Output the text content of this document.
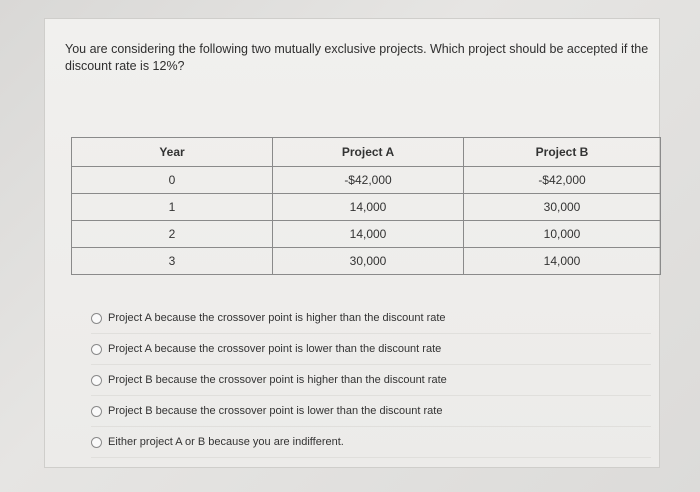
You are considering the following two mutually exclusive projects. Which project should be accepted if the discount rate is 12%?
Year	Project A	Project B
0	-$42,000	-$42,000
1	14,000	30,000
2	14,000	10,000
3	30,000	14,000
Project A because the crossover point is higher than the discount rate
Project A because the crossover point is lower than the discount rate
Project B because the crossover point is higher than the discount rate
Project B because the crossover point is lower than the discount rate
Either project A or B because you are indifferent.
